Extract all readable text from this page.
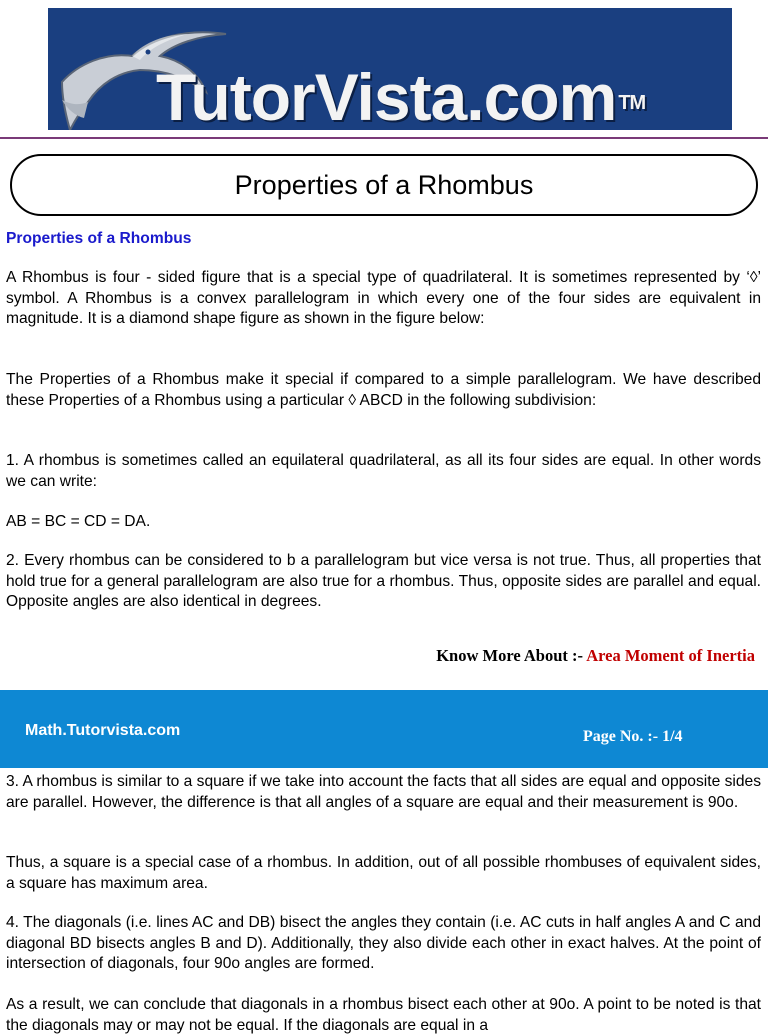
TutorVista.com ™
Properties of a Rhombus
Properties of a Rhombus
A Rhombus is four - sided figure that is a special type of quadrilateral. It is sometimes represented by ‘◊’ symbol. A Rhombus is a convex parallelogram in which every one of the four sides are equivalent in magnitude. It is a diamond shape figure as shown in the figure below:
The Properties of a Rhombus make it special if compared to a simple parallelogram. We have described these Properties of a Rhombus using a particular ◊ ABCD in the following subdivision:
1. A rhombus is sometimes called an equilateral quadrilateral, as all its four sides are equal. In other words we can write:
AB = BC = CD = DA.
2. Every rhombus can be considered to b a parallelogram but vice versa is not true. Thus, all properties that hold true for a general parallelogram are also true for a rhombus. Thus, opposite sides are parallel and equal. Opposite angles are also identical in degrees.
Know More About :- Area Moment of Inertia
Math.Tutorvista.com	Page No. :- 1/4
3. A rhombus is similar to a square if we take into account the facts that all sides are equal and opposite sides are parallel. However, the difference is that all angles of a square are equal and their measurement is 90o.
Thus, a square is a special case of a rhombus. In addition, out of all possible rhombuses of equivalent sides, a square has maximum area.
4. The diagonals (i.e. lines AC and DB) bisect the angles they contain (i.e. AC cuts in half angles A and C and diagonal BD bisects angles B and D). Additionally, they also divide each other in exact halves. At the point of intersection of diagonals, four 90o angles are formed.
As a result, we can conclude that diagonals in a rhombus bisect each other at 90o. A point to be noted is that the diagonals may or may not be equal. If the diagonals are equal in a
